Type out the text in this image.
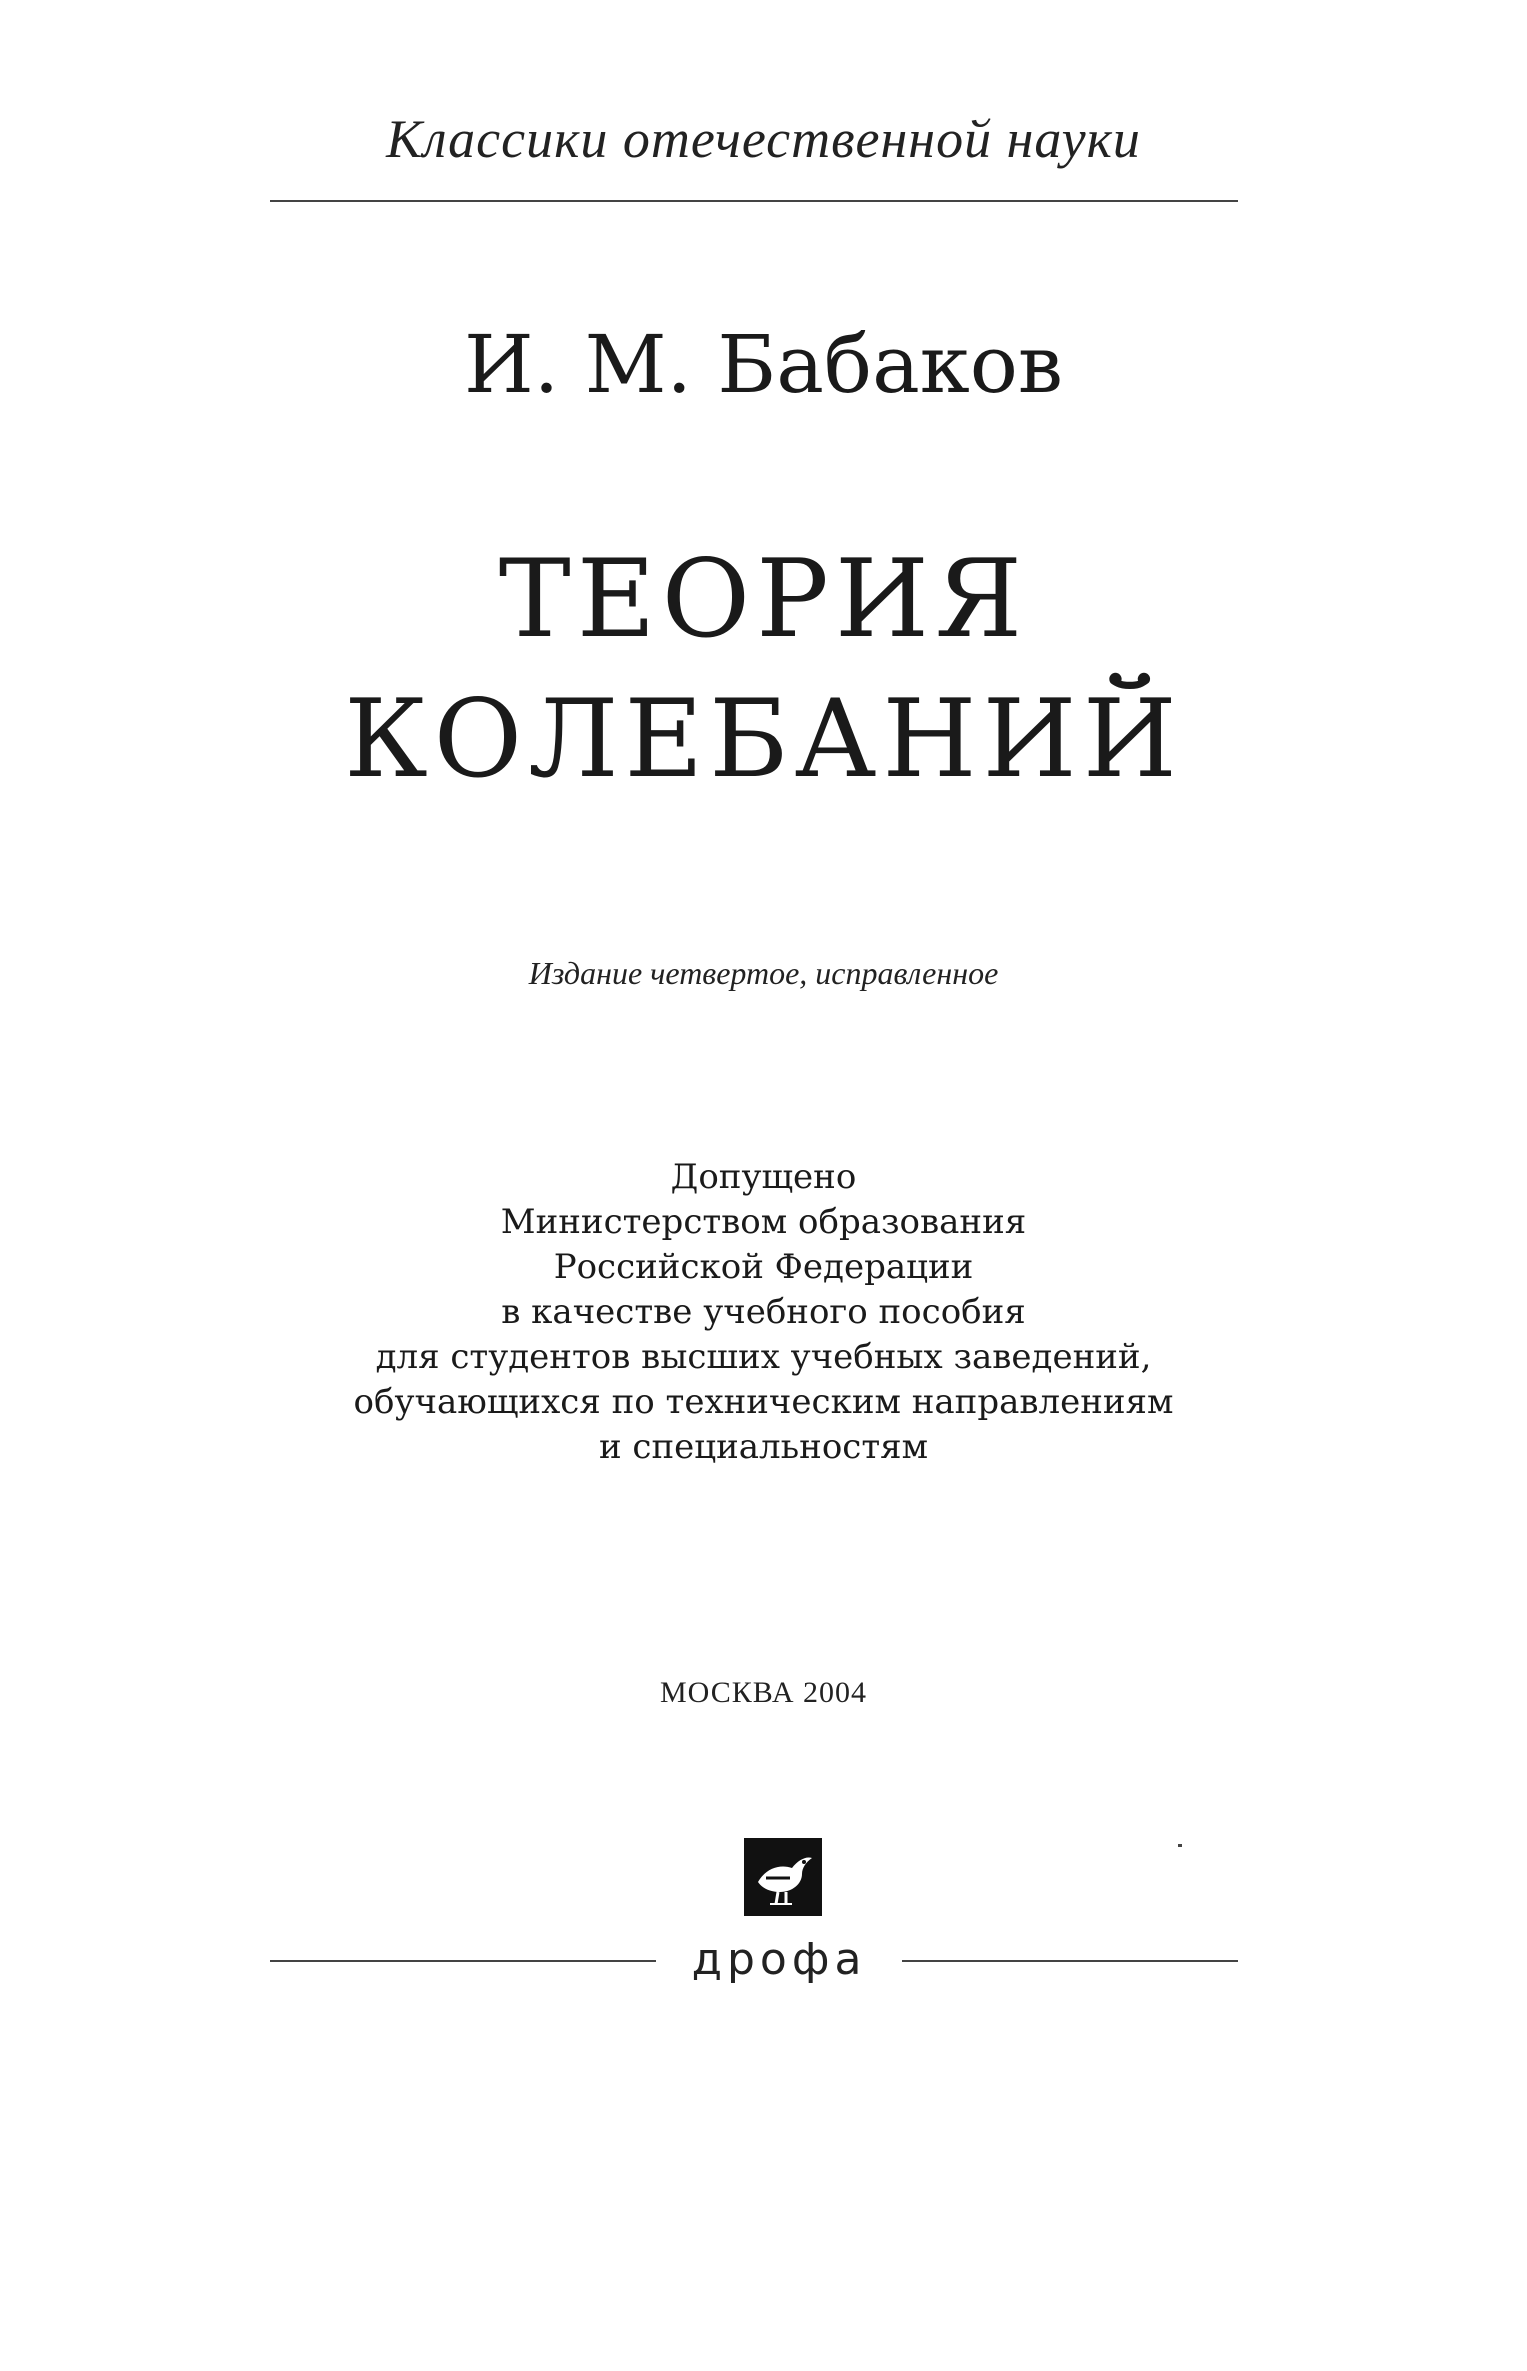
Классики отечественной науки
И. М. Бабаков
ТЕОРИЯ
КОЛЕБАНИЙ
Издание четвертое, исправленное
Допущено
Министерством образования
Российской Федерации
в качестве учебного пособия
для студентов высших учебных заведений,
обучающихся по техническим направлениям
и специальностям
МОСКВА 2004
дрофа
